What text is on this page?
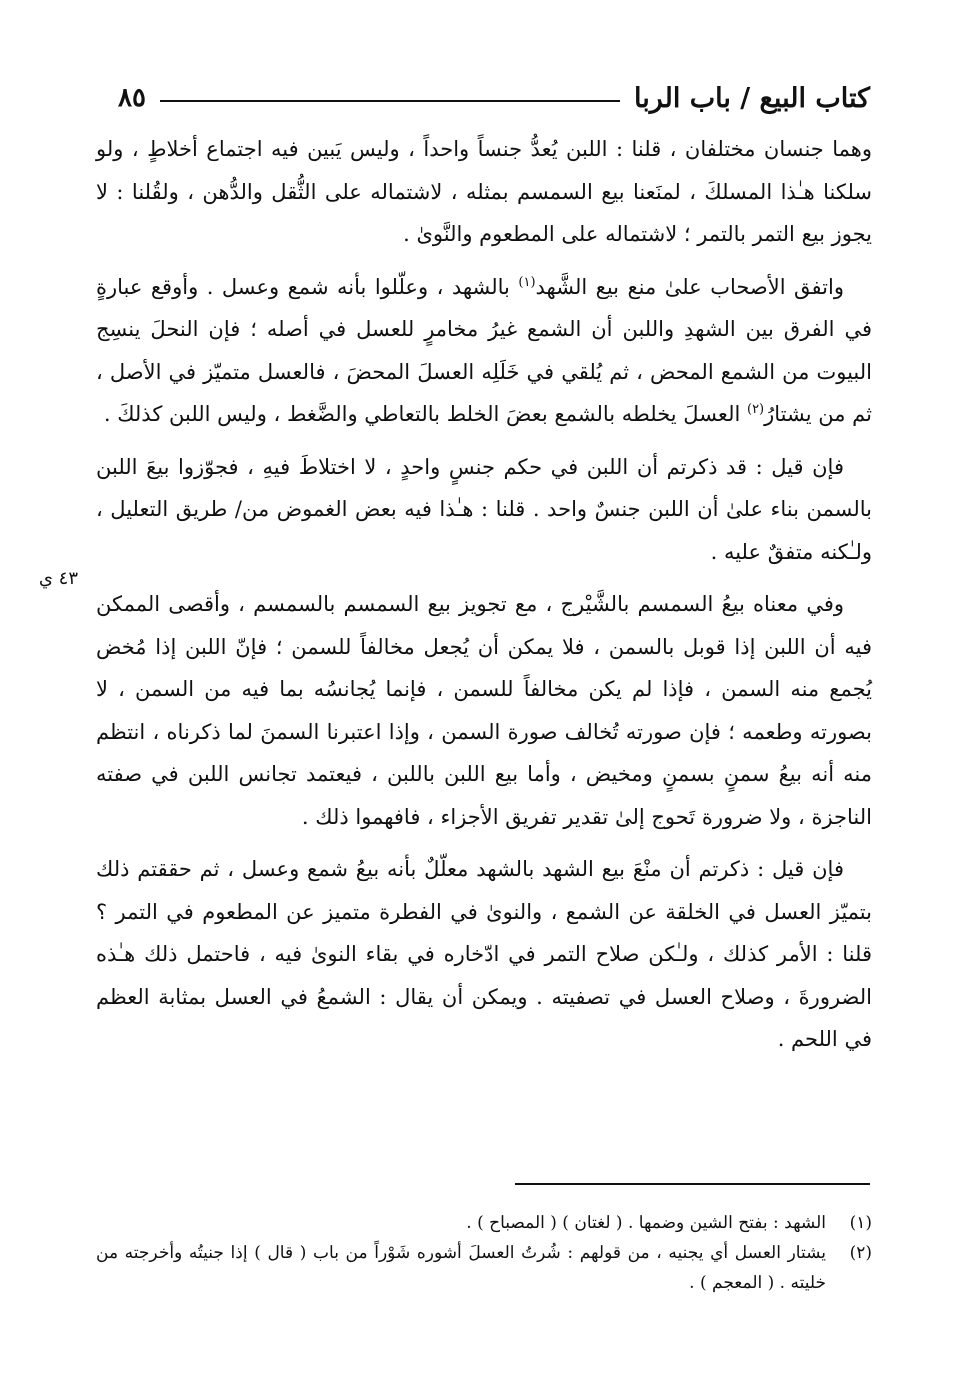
كتاب البيع / باب الربا
٨٥
٤٣ ي

وهما جنسان مختلفان ، قلنا : اللبن يُعدُّ جنساً واحداً ، وليس يَبين فيه اجتماع أخلاطٍ ، ولو سلكنا هـٰذا المسلكَ ، لمنَعنا بيع السمسم بمثله ، لاشتماله على الثُّقل والدُّهن ، ولقُلنا : لا يجوز بيع التمر بالتمر ؛ لاشتماله على المطعوم والنَّوىٰ .

واتفق الأصحاب علىٰ منع بيع الشَّهد$^{(١)}$ بالشهد ، وعلّلوا بأنه شمع وعسل . وأوقع عبارةٍ في الفرق بين الشهدِ واللبن أن الشمع غيرُ مخامرٍ للعسل في أصله ؛ فإن النحلَ ينسِج البيوت من الشمع المحض ، ثم يُلقي في خَلَلِه العسلَ المحضَ ، فالعسل متميّز في الأصل ، ثم من يشتارُ$^{(٢)}$ العسلَ يخلطه بالشمع بعضَ الخلط بالتعاطي والضَّغط ، وليس اللبن كذلكَ .

فإن قيل : قد ذكرتم أن اللبن في حكم جنسٍ واحدٍ ، لا اختلاطَ فيهِ ، فجوّزوا بيعَ اللبن بالسمن بناء علىٰ أن اللبن جنسٌ واحد . قلنا : هـٰذا فيه بعض الغموض من/ طريق التعليل ، ولـٰكنه متفقٌ عليه .

وفي معناه بيعُ السمسم بالشَّيْرج ، مع تجويز بيع السمسم بالسمسم ، وأقصى الممكن فيه أن اللبن إذا قوبل بالسمن ، فلا يمكن أن يُجعل مخالفاً للسمن ؛ فإنّ اللبن إذا مُخض يُجمع منه السمن ، فإذا لم يكن مخالفاً للسمن ، فإنما يُجانسُه بما فيه من السمن ، لا بصورته وطعمه ؛ فإن صورته تُخالف صورة السمن ، وإذا اعتبرنا السمنَ لما ذكرناه ، انتظم منه أنه بيعُ سمنٍ بسمنٍ ومخيض ، وأما بيع اللبن باللبن ، فيعتمد تجانس اللبن في صفته الناجزة ، ولا ضرورة تَحوج إلىٰ تقدير تفريق الأجزاء ، فافهموا ذلك .

فإن قيل : ذكرتم أن منْعَ بيع الشهد بالشهد معلّلٌ بأنه بيعُ شمع وعسل ، ثم حققتم ذلك بتميّز العسل في الخلقة عن الشمع ، والنوىٰ في الفطرة متميز عن المطعوم في التمر ؟ قلنا : الأمر كذلك ، ولـٰكن صلاح التمر في ادّخاره في بقاء النوىٰ فيه ، فاحتمل ذلك هـٰذه الضرورةَ ، وصلاح العسل في تصفيته . ويمكن أن يقال : الشمعُ في العسل بمثابة العظم في اللحم .

(١)
الشهد : بفتح الشين وضمها . ( لغتان ) ( المصباح ) .
(٢)
يشتار العسل أي يجنيه ، من قولهم : شُرتُ العسلَ أشوره شَوْراً من باب ( قال ) إذا جنيتُه وأخرجته من خليته . ( المعجم ) .
